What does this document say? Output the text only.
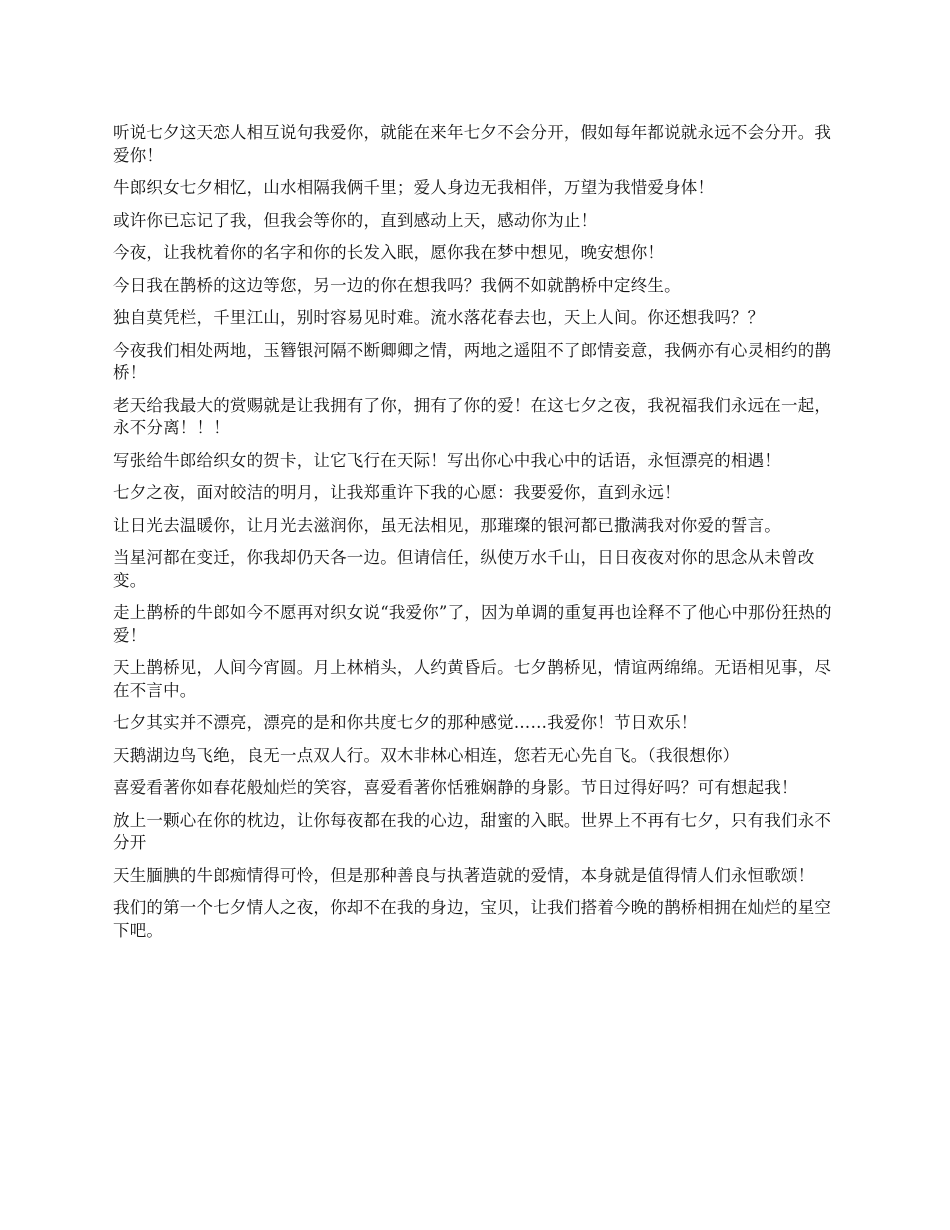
听说七夕这天恋人相互说句我爱你，就能在来年七夕不会分开，假如每年都说就永远不会分开。我爱你！

牛郎织女七夕相忆，山水相隔我俩千里；爱人身边无我相伴，万望为我惜爱身体！

或许你已忘记了我，但我会等你的，直到感动上天，感动你为止！

今夜，让我枕着你的名字和你的长发入眠，愿你我在梦中想见，晚安想你！

今日我在鹊桥的这边等您，另一边的你在想我吗？我俩不如就鹊桥中定终生。

独自莫凭栏，千里江山，别时容易见时难。流水落花春去也，天上人间。你还想我吗？？

今夜我们相处两地，玉簪银河隔不断卿卿之情，两地之遥阻不了郎情妾意，我俩亦有心灵相约的鹊桥！

老天给我最大的赏赐就是让我拥有了你，拥有了你的爱！在这七夕之夜，我祝福我们永远在一起，永不分离！！！

写张给牛郎给织女的贺卡，让它飞行在天际！写出你心中我心中的话语，永恒漂亮的相遇！

七夕之夜，面对皎洁的明月，让我郑重许下我的心愿：我要爱你，直到永远！

让日光去温暖你，让月光去滋润你，虽无法相见，那璀璨的银河都已撒满我对你爱的誓言。

当星河都在变迁，你我却仍天各一边。但请信任，纵使万水千山，日日夜夜对你的思念从未曾改变。

走上鹊桥的牛郎如今不愿再对织女说“我爱你”了，因为单调的重复再也诠释不了他心中那份狂热的爱！

天上鹊桥见，人间今宵圆。月上林梢头，人约黄昏后。七夕鹊桥见，情谊两绵绵。无语相见事，尽在不言中。

七夕其实并不漂亮，漂亮的是和你共度七夕的那种感觉……我爱你！节日欢乐！

天鹅湖边鸟飞绝，良无一点双人行。双木非林心相连，您若无心先自飞。（我很想你）

喜爱看著你如春花般灿烂的笑容，喜爱看著你恬雅娴静的身影。节日过得好吗？可有想起我！

放上一颗心在你的枕边，让你每夜都在我的心边，甜蜜的入眠。世界上不再有七夕，只有我们永不分开

天生腼腆的牛郎痴情得可怜，但是那种善良与执著造就的爱情，本身就是值得情人们永恒歌颂！

我们的第一个七夕情人之夜，你却不在我的身边，宝贝，让我们搭着今晚的鹊桥相拥在灿烂的星空下吧。
